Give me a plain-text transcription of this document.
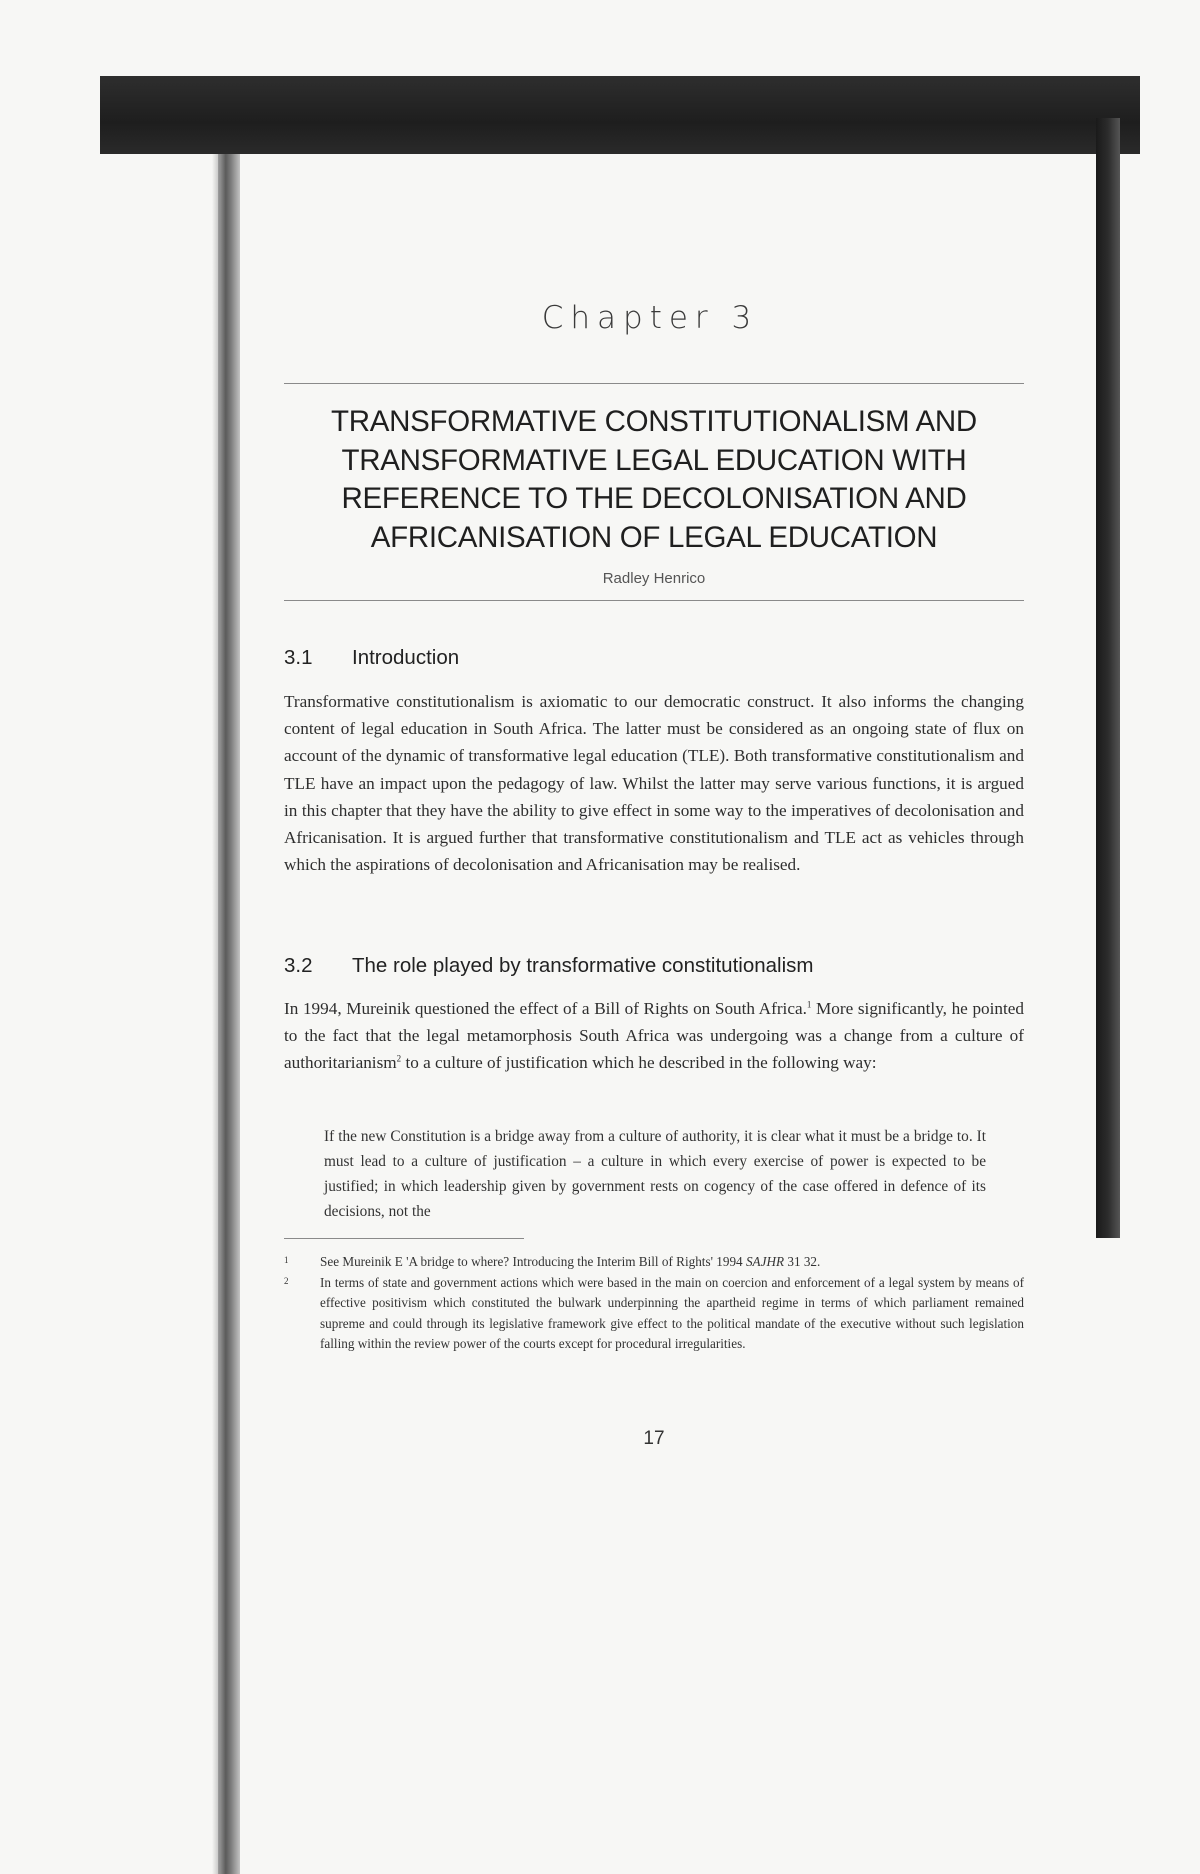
Chapter 3
TRANSFORMATIVE CONSTITUTIONALISM AND
TRANSFORMATIVE LEGAL EDUCATION WITH
REFERENCE TO THE DECOLONISATION AND
AFRICANISATION OF LEGAL EDUCATION
Radley Henrico
3.1 Introduction

Transformative constitutionalism is axiomatic to our democratic construct. It also informs the changing content of legal education in South Africa. The latter must be considered as an ongoing state of flux on account of the dynamic of transformative legal education (TLE). Both transformative constitutionalism and TLE have an impact upon the pedagogy of law. Whilst the latter may serve various functions, it is argued in this chapter that they have the ability to give effect in some way to the imperatives of decolonisation and Africanisation. It is argued further that transformative constitutionalism and TLE act as vehicles through which the aspirations of decolonisation and Africanisation may be realised.

3.2 The role played by transformative constitutionalism

In 1994, Mureinik questioned the effect of a Bill of Rights on South Africa.$^1$ More significantly, he pointed to the fact that the legal metamorphosis South Africa was undergoing was a change from a culture of authoritarianism$^2$ to a culture of justification which he described in the following way:

If the new Constitution is a bridge away from a culture of authority, it is clear what it must be a bridge to. It must lead to a culture of justification – a culture in which every exercise of power is expected to be justified; in which leadership given by government rests on cogency of the case offered in defence of its decisions, not the

1 See Mureinik E 'A bridge to where? Introducing the Interim Bill of Rights' 1994 SAJHR 31 32.

2 In terms of state and government actions which were based in the main on coercion and enforcement of a legal system by means of effective positivism which constituted the bulwark underpinning the apartheid regime in terms of which parliament remained supreme and could through its legislative framework give effect to the political mandate of the executive without such legislation falling within the review power of the courts except for procedural irregularities.

17
